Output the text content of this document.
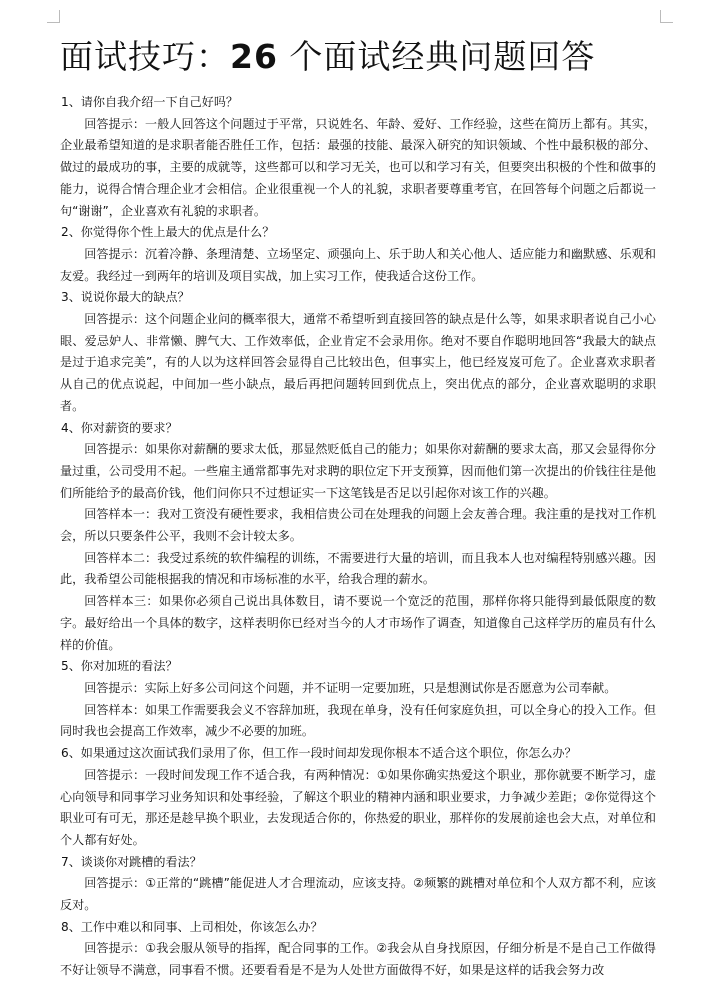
面试技巧：26 个面试经典问题回答

1、请你自我介绍一下自己好吗？

回答提示：一般人回答这个问题过于平常，只说姓名、年龄、爱好、工作经验，这些在简历上都有。其实，企业最希望知道的是求职者能否胜任工作，包括：最强的技能、最深入研究的知识领域、个性中最积极的部分、做过的最成功的事，主要的成就等，这些都可以和学习无关，也可以和学习有关，但要突出积极的个性和做事的能力，说得合情合理企业才会相信。企业很重视一个人的礼貌，求职者要尊重考官，在回答每个问题之后都说一句“谢谢”，企业喜欢有礼貌的求职者。

2、你觉得你个性上最大的优点是什么？

回答提示：沉着冷静、条理清楚、立场坚定、顽强向上、乐于助人和关心他人、适应能力和幽默感、乐观和友爱。我经过一到两年的培训及项目实战，加上实习工作，使我适合这份工作。

3、说说你最大的缺点？

回答提示：这个问题企业问的概率很大，通常不希望听到直接回答的缺点是什么等，如果求职者说自己小心眼、爱忌妒人、非常懒、脾气大、工作效率低，企业肯定不会录用你。绝对不要自作聪明地回答“我最大的缺点是过于追求完美”，有的人以为这样回答会显得自己比较出色，但事实上，他已经岌岌可危了。企业喜欢求职者从自己的优点说起，中间加一些小缺点，最后再把问题转回到优点上，突出优点的部分，企业喜欢聪明的求职者。

4、你对薪资的要求？

回答提示：如果你对薪酬的要求太低，那显然贬低自己的能力；如果你对薪酬的要求太高，那又会显得你分量过重，公司受用不起。一些雇主通常都事先对求聘的职位定下开支预算，因而他们第一次提出的价钱往往是他们所能给予的最高价钱，他们问你只不过想证实一下这笔钱是否足以引起你对该工作的兴趣。

回答样本一：我对工资没有硬性要求，我相信贵公司在处理我的问题上会友善合理。我注重的是找对工作机会，所以只要条件公平，我则不会计较太多。

回答样本二：我受过系统的软件编程的训练，不需要进行大量的培训，而且我本人也对编程特别感兴趣。因此，我希望公司能根据我的情况和市场标准的水平，给我合理的薪水。

回答样本三：如果你必须自己说出具体数目，请不要说一个宽泛的范围，那样你将只能得到最低限度的数字。最好给出一个具体的数字，这样表明你已经对当今的人才市场作了调查，知道像自己这样学历的雇员有什么样的价值。

5、你对加班的看法？

回答提示：实际上好多公司问这个问题，并不证明一定要加班，只是想测试你是否愿意为公司奉献。

回答样本：如果工作需要我会义不容辞加班，我现在单身，没有任何家庭负担，可以全身心的投入工作。但同时我也会提高工作效率，减少不必要的加班。

6、如果通过这次面试我们录用了你，但工作一段时间却发现你根本不适合这个职位，你怎么办？

回答提示：一段时间发现工作不适合我，有两种情况：①如果你确实热爱这个职业，那你就要不断学习，虚心向领导和同事学习业务知识和处事经验，了解这个职业的精神内涵和职业要求，力争减少差距；②你觉得这个职业可有可无，那还是趁早换个职业，去发现适合你的，你热爱的职业，那样你的发展前途也会大点，对单位和个人都有好处。

7、谈谈你对跳槽的看法？

回答提示：①正常的“跳槽”能促进人才合理流动，应该支持。②频繁的跳槽对单位和个人双方都不利，应该反对。

8、工作中难以和同事、上司相处，你该怎么办？

回答提示：①我会服从领导的指挥，配合同事的工作。②我会从自身找原因，仔细分析是不是自己工作做得不好让领导不满意，同事看不惯。还要看看是不是为人处世方面做得不好，如果是这样的话我会努力改
